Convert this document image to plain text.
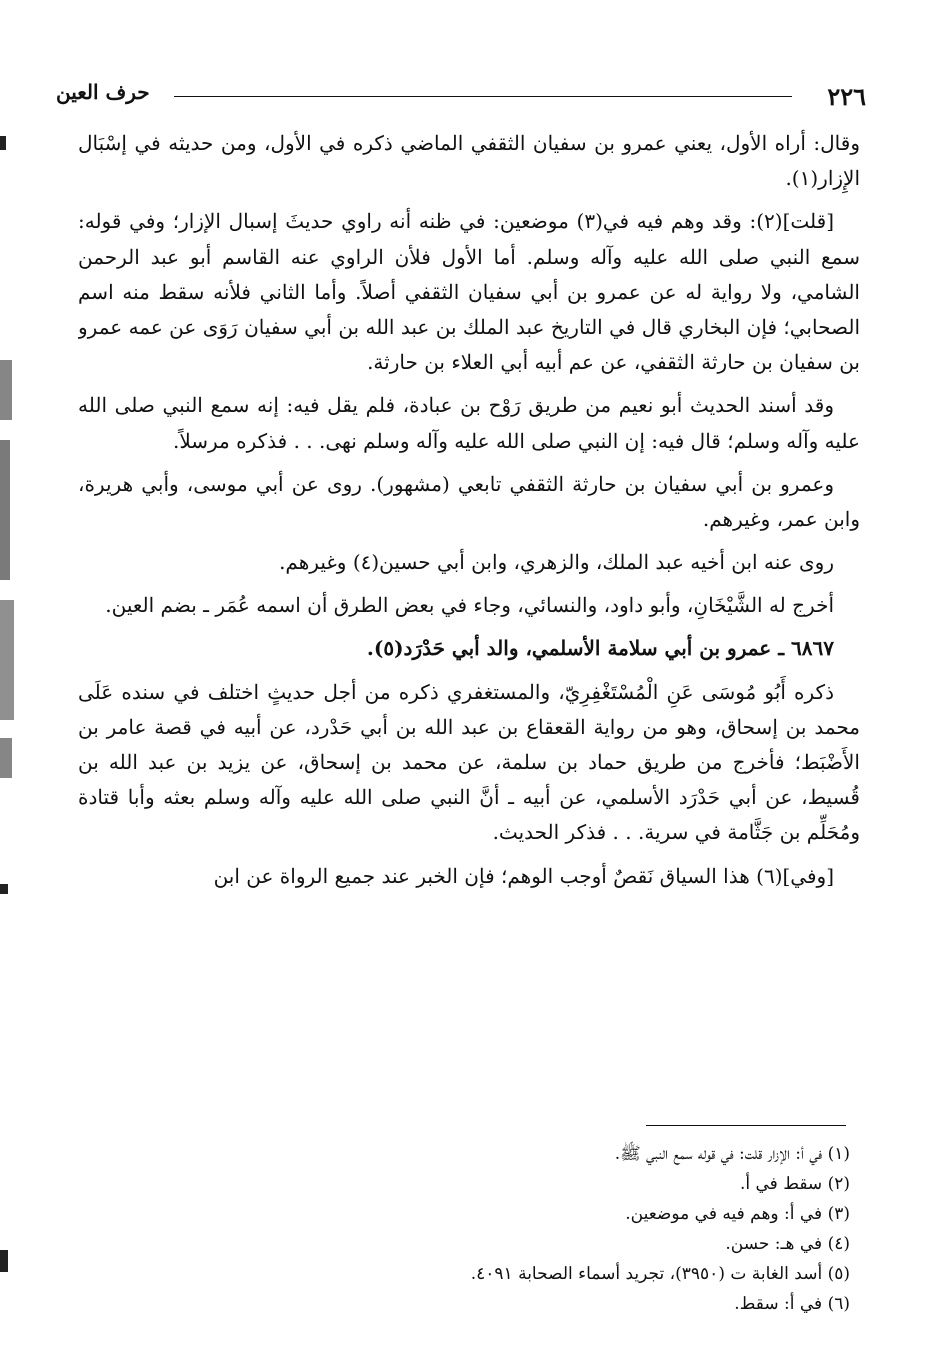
٢٢٦
حرف العين

وقال: أراه الأول، يعني عمرو بن سفيان الثقفي الماضي ذكره في الأول، ومن حديثه في إسْبَال الإِزار(١).

[قلت](٢): وقد وهم فيه في(٣) موضعين: في ظنه أنه راوي حديثَ إسبال الإزار؛ وفي قوله: سمع النبي صلى الله عليه وآله وسلم. أما الأول فلأن الراوي عنه القاسم أبو عبد الرحمن الشامي، ولا رواية له عن عمرو بن أبي سفيان الثقفي أصلاً. وأما الثاني فلأنه سقط منه اسم الصحابي؛ فإن البخاري قال في التاريخ عبد الملك بن عبد الله بن أبي سفيان رَوَى عن عمه عمرو بن سفيان بن حارثة الثقفي، عن عم أبيه أبي العلاء بن حارثة.

وقد أسند الحديث أبو نعيم من طريق رَوْح بن عبادة، فلم يقل فيه: إنه سمع النبي صلى الله عليه وآله وسلم؛ قال فيه: إن النبي صلى الله عليه وآله وسلم نهى. . . فذكره مرسلاً.

وعمرو بن أبي سفيان بن حارثة الثقفي تابعي (مشهور). روى عن أبي موسى، وأبي هريرة، وابن عمر، وغيرهم.

روى عنه ابن أخيه عبد الملك، والزهري، وابن أبي حسين(٤) وغيرهم.

أخرج له الشَّيْخَانِ، وأبو داود، والنسائي، وجاء في بعض الطرق أن اسمه عُمَر ـ بضم العين.

٦٨٦٧ ـ عمرو بن أبي سلامة الأسلمي، والد أبي حَدْرَد(٥).

ذكره أَبُو مُوسَى عَنِ الْمُسْتَغْفِرِيّ، والمستغفري ذكره من أجل حديثٍ اختلف في سنده عَلَى محمد بن إسحاق، وهو من رواية القعقاع بن عبد الله بن أبي حَدْرد، عن أبيه في قصة عامر بن الأَضْبَط؛ فأخرج من طريق حماد بن سلمة، عن محمد بن إسحاق، عن يزيد بن عبد الله بن قُسيط، عن أبي حَدْرَد الأسلمي، عن أبيه ـ أنَّ النبي صلى الله عليه وآله وسلم بعثه وأبا قتادة ومُحَلِّم بن جَثَّامة في سرية. . . فذكر الحديث.

[وفي](٦) هذا السياق نَقصٌ أوجب الوهم؛ فإن الخبر عند جميع الرواة عن ابن

(١) في أ: الإزار قلت: في قوله سمع النبي ﷺ.
(٢) سقط في أ.
(٣) في أ: وهم فيه في موضعين.
(٤) في هـ: حسن.
(٥) أسد الغابة ت (٣٩٥٠)، تجريد أسماء الصحابة ٤٠٩١.
(٦) في أ: سقط.
